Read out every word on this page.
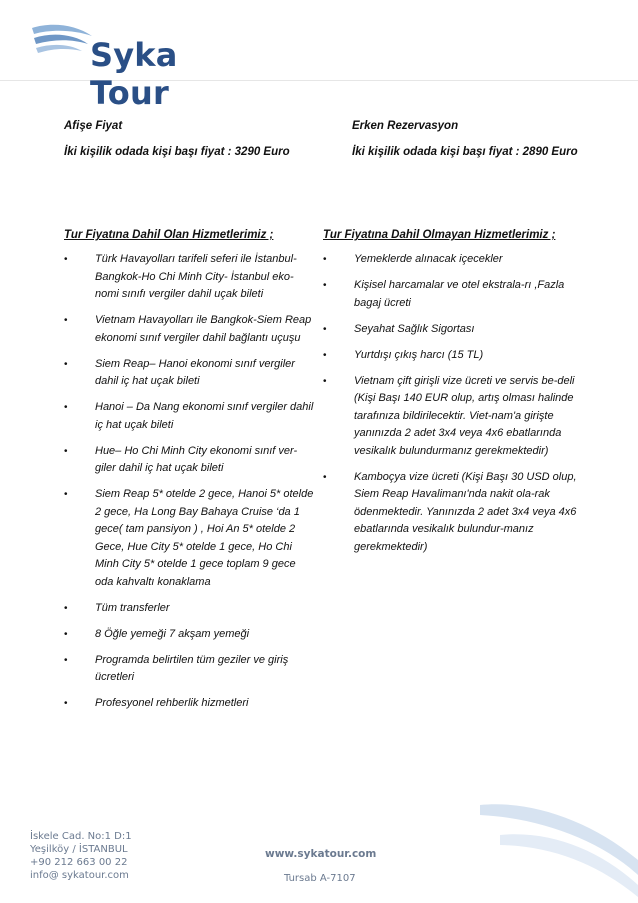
Syka Tour
Afişe Fiyat
İki kişilik odada kişi başı fiyat : 3290 Euro
Erken Rezervasyon
İki kişilik odada kişi başı fiyat : 2890 Euro
Tur Fiyatına Dahil Olan Hizmetlerimiz ;	Tur Fiyatına Dahil Olmayan Hizmetlerimiz ;
• Türk Havayolları tarifeli seferi ile İstanbul-Bangkok-Ho Chi Minh City- İstanbul eko-nomi sınıfı vergiler dahil uçak bileti
• Vietnam Havayolları ile Bangkok-Siem Reap ekonomi sınıf vergiler dahil bağlantı uçuşu
• Siem Reap– Hanoi ekonomi sınıf vergiler dahil iç hat uçak bileti
• Hanoi – Da Nang ekonomi sınıf vergiler dahil iç hat uçak bileti
• Hue– Ho Chi Minh City ekonomi sınıf ver-giler dahil iç hat uçak bileti
• Siem Reap 5* otelde 2 gece, Hanoi 5* otelde 2 gece, Ha Long Bay Bahaya Cruise ‘da 1 gece( tam pansiyon ) , Hoi An 5* otelde 2 Gece, Hue City 5* otelde 1 gece, Ho Chi Minh City 5* otelde 1 gece toplam 9 gece oda kahvaltı konaklama
• Tüm transferler
• 8 Öğle yemeği 7 akşam yemeği
• Programda belirtilen tüm geziler ve giriş ücretleri
• Profesyonel rehberlik hizmetleri
• Yemeklerde alınacak içecekler
• Kişisel harcamalar ve otel ekstrala-rı ,Fazla bagaj ücreti
• Seyahat Sağlık Sigortası
• Yurtdışı çıkış harcı (15 TL)
• Vietnam çift girişli vize ücreti ve servis be-deli (Kişi Başı 140 EUR olup, artış olması halinde tarafınıza bildirilecektir. Viet-nam'a girişte yanınızda 2 adet 3x4 veya 4x6 ebatlarında vesikalık bulundurmanız gerekmektedir)
• Kamboçya vize ücreti (Kişi Başı 30 USD olup, Siem Reap Havalimanı'nda nakit ola-rak ödenmektedir. Yanınızda 2 adet 3x4 veya 4x6 ebatlarında vesikalık bulundur-manız gerekmektedir)
İskele Cad. No:1 D:1
Yeşilköy / İSTANBUL
+90 212 663 00 22
info@ sykatour.com
www.sykatour.com
Tursab A-7107
